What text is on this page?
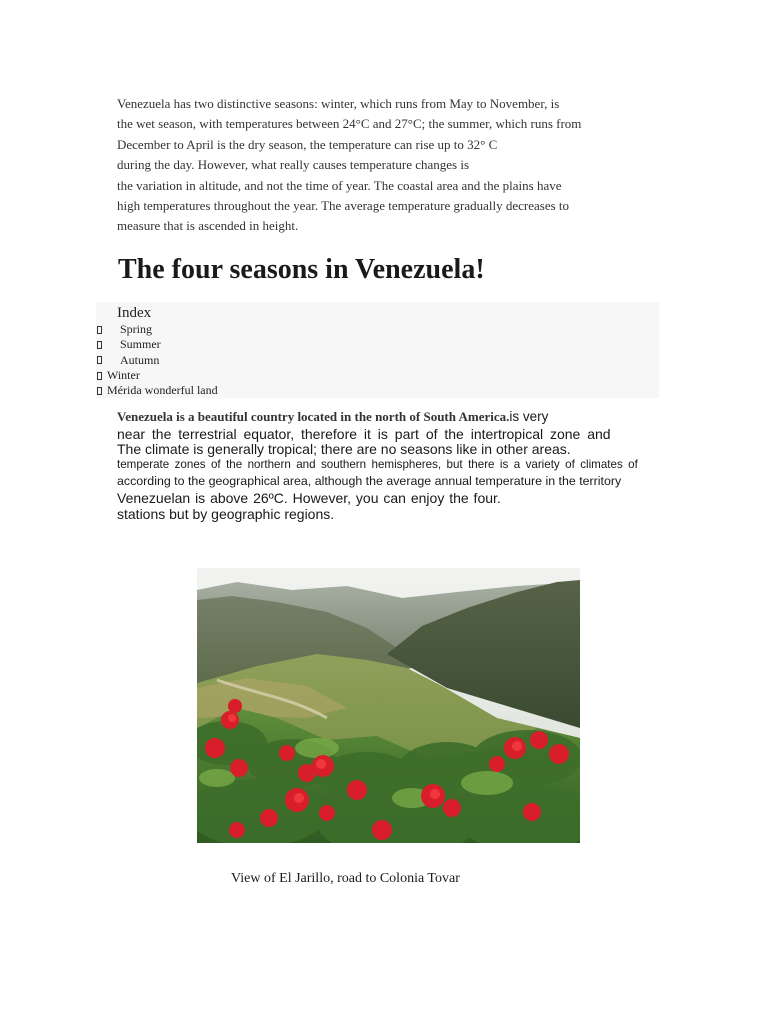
Venezuela has two distinctive seasons: winter, which runs from May to November, is
the wet season, with temperatures between 24°C and 27°C; the summer, which runs from
December to April is the dry season, the temperature can rise up to 32° C
during the day. However, what really causes temperature changes is
the variation in altitude, and not the time of year. The coastal area and the plains have
high temperatures throughout the year. The average temperature gradually decreases to
measure that is ascended in height.
The four seasons in Venezuela!
Index
Spring
Summer
Autumn
Winter
Mérida wonderful land
Venezuela is a beautiful country located in the north of South America.is very
near the terrestrial equator, therefore it is part of the intertropical zone and
The climate is generally tropical; there are no seasons like in other areas.
temperate zones of the northern and southern hemispheres, but there is a variety of climates of
according to the geographical area, although the average annual temperature in the territory
Venezuelan is above 26ºC. However, you can enjoy the four.
stations but by geographic regions.
View of El Jarillo, road to Colonia Tovar
